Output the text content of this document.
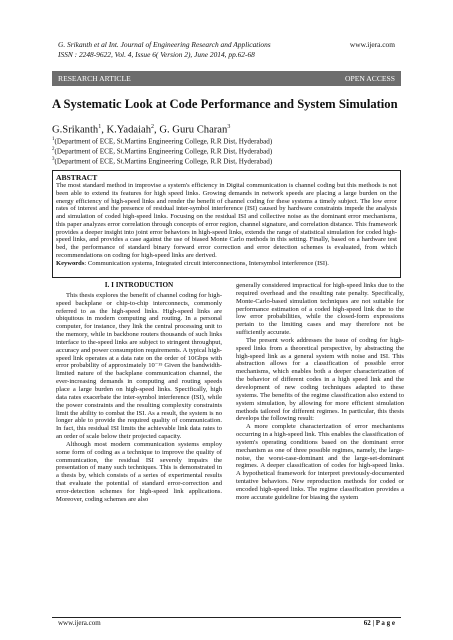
G. Srikanth et al Int. Journal of Engineering Research and Applications	www.ijera.com
ISSN : 2248-9622, Vol. 4, Issue 6( Version 2), June 2014, pp.62-68
RESEARCH ARTICLE	OPEN ACCESS
A Systematic Look at Code Performance and System Simulation
G.Srikanth$^1$, K.Yadaiah$^2$, G. Guru Charan$^3$
$^1$(Department of ECE, St.Martins Engineering College, R.R Dist, Hyderabad)
$^2$(Department of ECE, St.Martins Engineering College, R.R Dist, Hyderabad)
$^3$(Department of ECE, St.Martins Engineering College, R.R Dist, Hyderabad)
ABSTRACT
The most standard method in improvise a system's efficiency in Digital communication is channel coding but this methods is not been able to extend its features for high speed links. Growing demands in network speeds are placing a large burden on the energy efficiency of high-speed links and render the benefit of channel coding for these systems a timely subject. The low error rates of interest and the presence of residual inter-symbol interference (ISI) caused by hardware constraints impede the analysis and simulation of coded high-speed links. Focusing on the residual ISI and collective noise as the dominant error mechanisms, this paper analyzes error correlation through concepts of error region, channel signature, and correlation distance. This framework provides a deeper insight into joint error behaviors in high-speed links, extends the range of statistical simulation for coded high-speed links, and provides a case against the use of biased Monte Carlo methods in this setting. Finally, based on a hardware test bed, the performance of standard binary forward error correction and error detection schemes is evaluated, from which recommendations on coding for high-speed links are derived.
Keywords: Communication systems, Integrated circuit interconnections, Intersymbol interference (ISI).
I. I INTRODUCTION

This thesis explores the benefit of channel coding for high-speed backplane or chip-to-chip interconnects, commonly referred to as the high-speed links. High-speed links are ubiquitous in modern computing and routing. In a personal computer, for instance, they link the central processing unit to the memory, while in backbone routers thousands of such links interface to the-speed links are subject to stringent throughput, accuracy and power consumption requirements. A typical high-speed link operates at a data rate on the order of 10Gbps with error probability of approximately 10⁻¹⁵ Given the bandwidth-limited nature of the backplane communication channel, the ever-increasing demands in computing and routing speeds place a large burden on high-speed links. Specifically, high data rates exacerbate the inter-symbol interference (ISI), while the power constraints and the resulting complexity constraints limit the ability to combat the ISI. As a result, the system is no longer able to provide the required quality of communication. In fact, this residual ISI limits the achievable link data rates to an order of scale below their projected capacity.

Although most modern communication systems employ some form of coding as a technique to improve the quality of communication, the residual ISI severely impairs the presentation of many such techniques. This is demonstrated in a thesis by, which consists of a series of experimental results that evaluate the potential of standard error-correction and error-detection schemes for high-speed link applications. Moreover, coding schemes are also

generally considered impractical for high-speed links due to the required overhead and the resulting rate penalty. Specifically, Monte-Carlo-based simulation techniques are not suitable for performance estimation of a coded high-speed link due to the low error probabilities, while the closed-form expressions pertain to the limiting cases and may therefore not be sufficiently accurate.

The present work addresses the issue of coding for high-speed links from a theoretical perspective, by abstracting the high-speed link as a general system with noise and ISI. This abstraction allows for a classification of possible error mechanisms, which enables both a deeper characterization of the behavior of different codes in a high speed link and the development of new coding techniques adapted to these systems. The benefits of the regime classification also extend to system simulation, by allowing for more efficient simulation methods tailored for different regimes. In particular, this thesis develops the following result:

A more complete characterization of error mechanisms occurring in a high-speed link. This enables the classification of system's operating conditions based on the dominant error mechanism as one of three possible regimes, namely, the large-noise, the worst-case-dominant and the large-set-dominant regimes. A deeper classification of codes for high-speed links. A hypothetical framework for interpret previously-documented tentative behaviors. New reproduction methods for coded or encoded high-speed links. The regime classification provides a more accurate guideline for biasing the system

www.ijera.com	62 | P a g e
